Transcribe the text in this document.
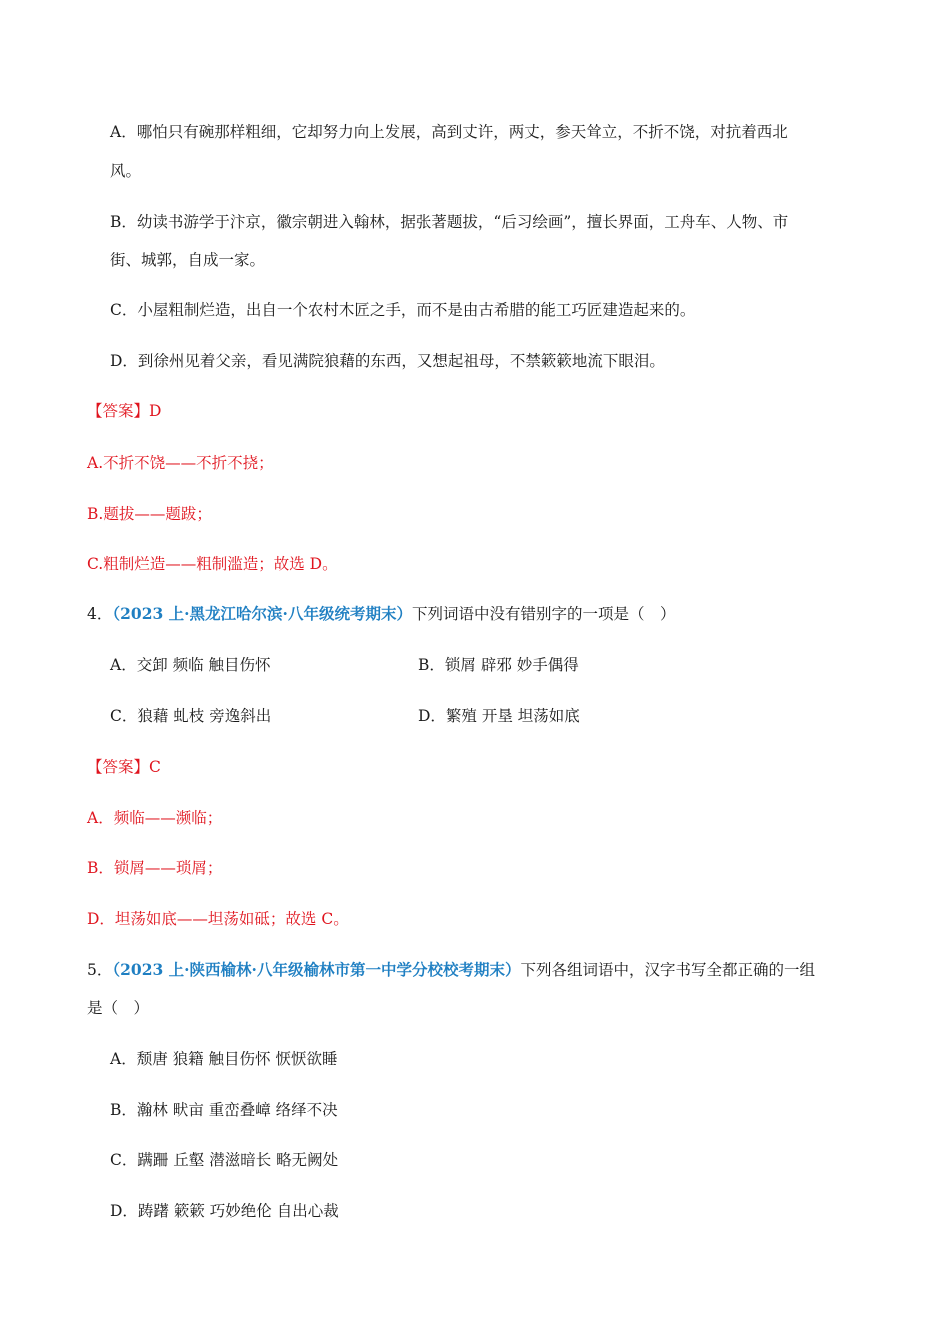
A．哪怕只有碗那样粗细，它却努力向上发展，高到丈许，两丈，参天耸立，不折不饶，对抗着西北
风。
B．幼读书游学于汴京，徽宗朝进入翰林，据张著题拔，“后习绘画”，擅长界面，工舟车、人物、市
街、城郭，自成一家。
C．小屋粗制烂造，出自一个农村木匠之手，而不是由古希腊的能工巧匠建造起来的。
D．到徐州见着父亲，看见满院狼藉的东西，又想起祖母，不禁簌簌地流下眼泪。
【答案】D
A.不折不饶——不折不挠；
B.题拔——题跋；
C.粗制烂造——粗制滥造；故选 D。
4．（2023 上·黑龙江哈尔滨·八年级统考期末）下列词语中没有错别字的一项是（　）
A．交卸 频临 触目伤怀	B．锁屑 辟邪 妙手偶得
C．狼藉 虬枝 旁逸斜出	D．繁殖 开垦 坦荡如底
【答案】C
A．频临——濒临；
B．锁屑——琐屑；
D．坦荡如底——坦荡如砥；故选 C。
5．（2023 上·陕西榆林·八年级榆林市第一中学分校校考期末）下列各组词语中，汉字书写全都正确的一组
是（　）
A．颓唐 狼籍 触目伤怀 恹恹欲睡
B．瀚林 畎亩 重峦叠嶂 络绎不决
C．蹒跚 丘壑 潜滋暗长 略无阙处
D．踌躇 簌簌 巧妙绝伦 自出心裁
